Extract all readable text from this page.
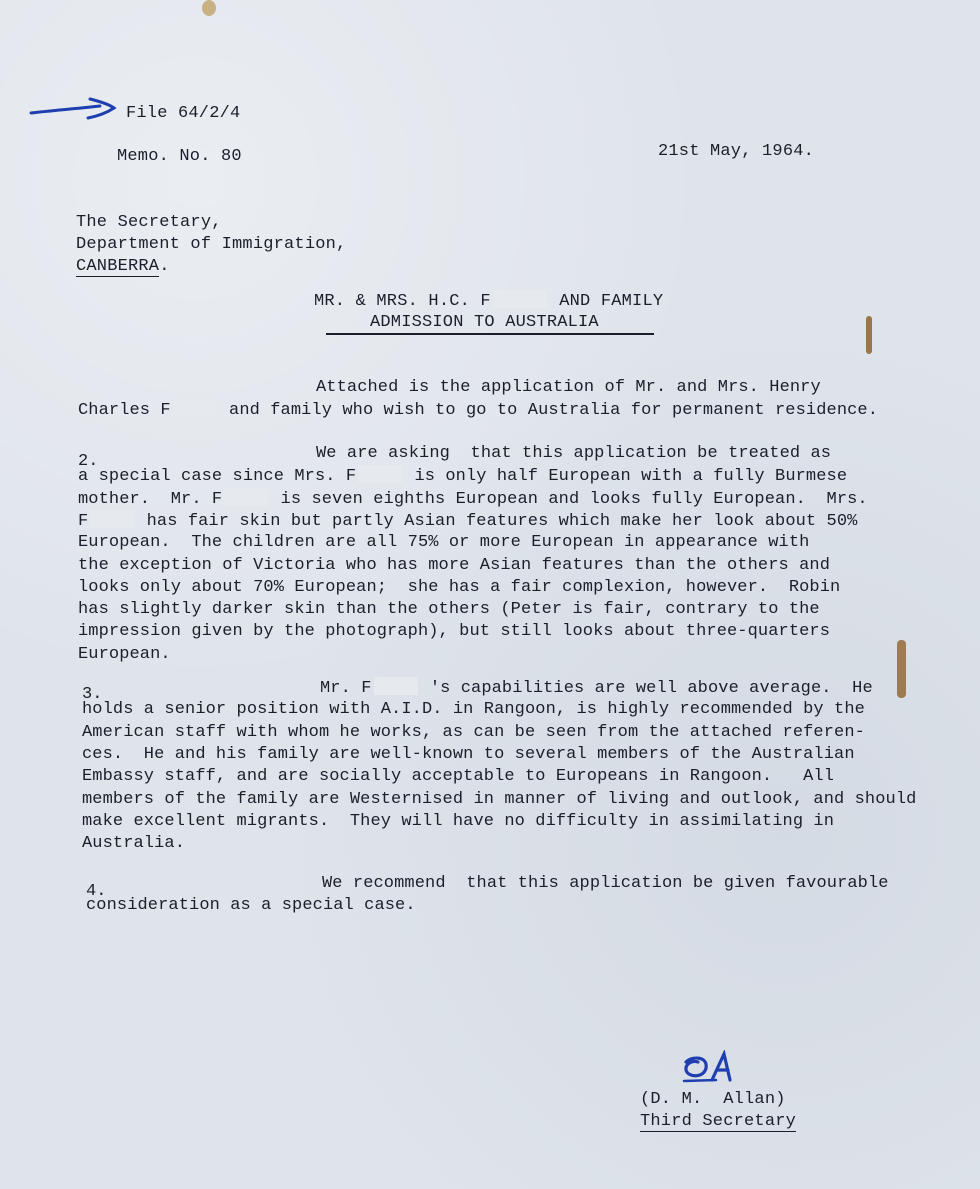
File 64/2/4
Memo. No. 80	21st May, 1964.
The Secretary,
Department of Immigration,
CANBERRA.
MR. & MRS. H.C. F	AND FAMILY
ADMISSION TO AUSTRALIA
Attached is the application of Mr. and Mrs. Henry
Charles F	and family who wish to go to Australia for permanent residence.
2.	We are asking  that this application be treated as
a special case since Mrs. F	is only half European with a fully Burmese
mother.  Mr. F	is seven eighths European and looks fully European.  Mrs.
F	has fair skin but partly Asian features which make her look about 50%
European.  The children are all 75% or more European in appearance with
the exception of Victoria who has more Asian features than the others and
looks only about 70% European;  she has a fair complexion, however.  Robin
has slightly darker skin than the others (Peter is fair, contrary to the
impression given by the photograph), but still looks about three-quarters
European.
3.	Mr. F	's capabilities are well above average.  He
holds a senior position with A.I.D. in Rangoon, is highly recommended by the
American staff with whom he works, as can be seen from the attached referen-
ces.  He and his family are well-known to several members of the Australian
Embassy staff, and are socially acceptable to Europeans in Rangoon.   All
members of the family are Westernised in manner of living and outlook, and should
make excellent migrants.  They will have no difficulty in assimilating in
Australia.
4.	We recommend  that this application be given favourable
consideration as a special case.
(D. M.  Allan)
Third Secretary
